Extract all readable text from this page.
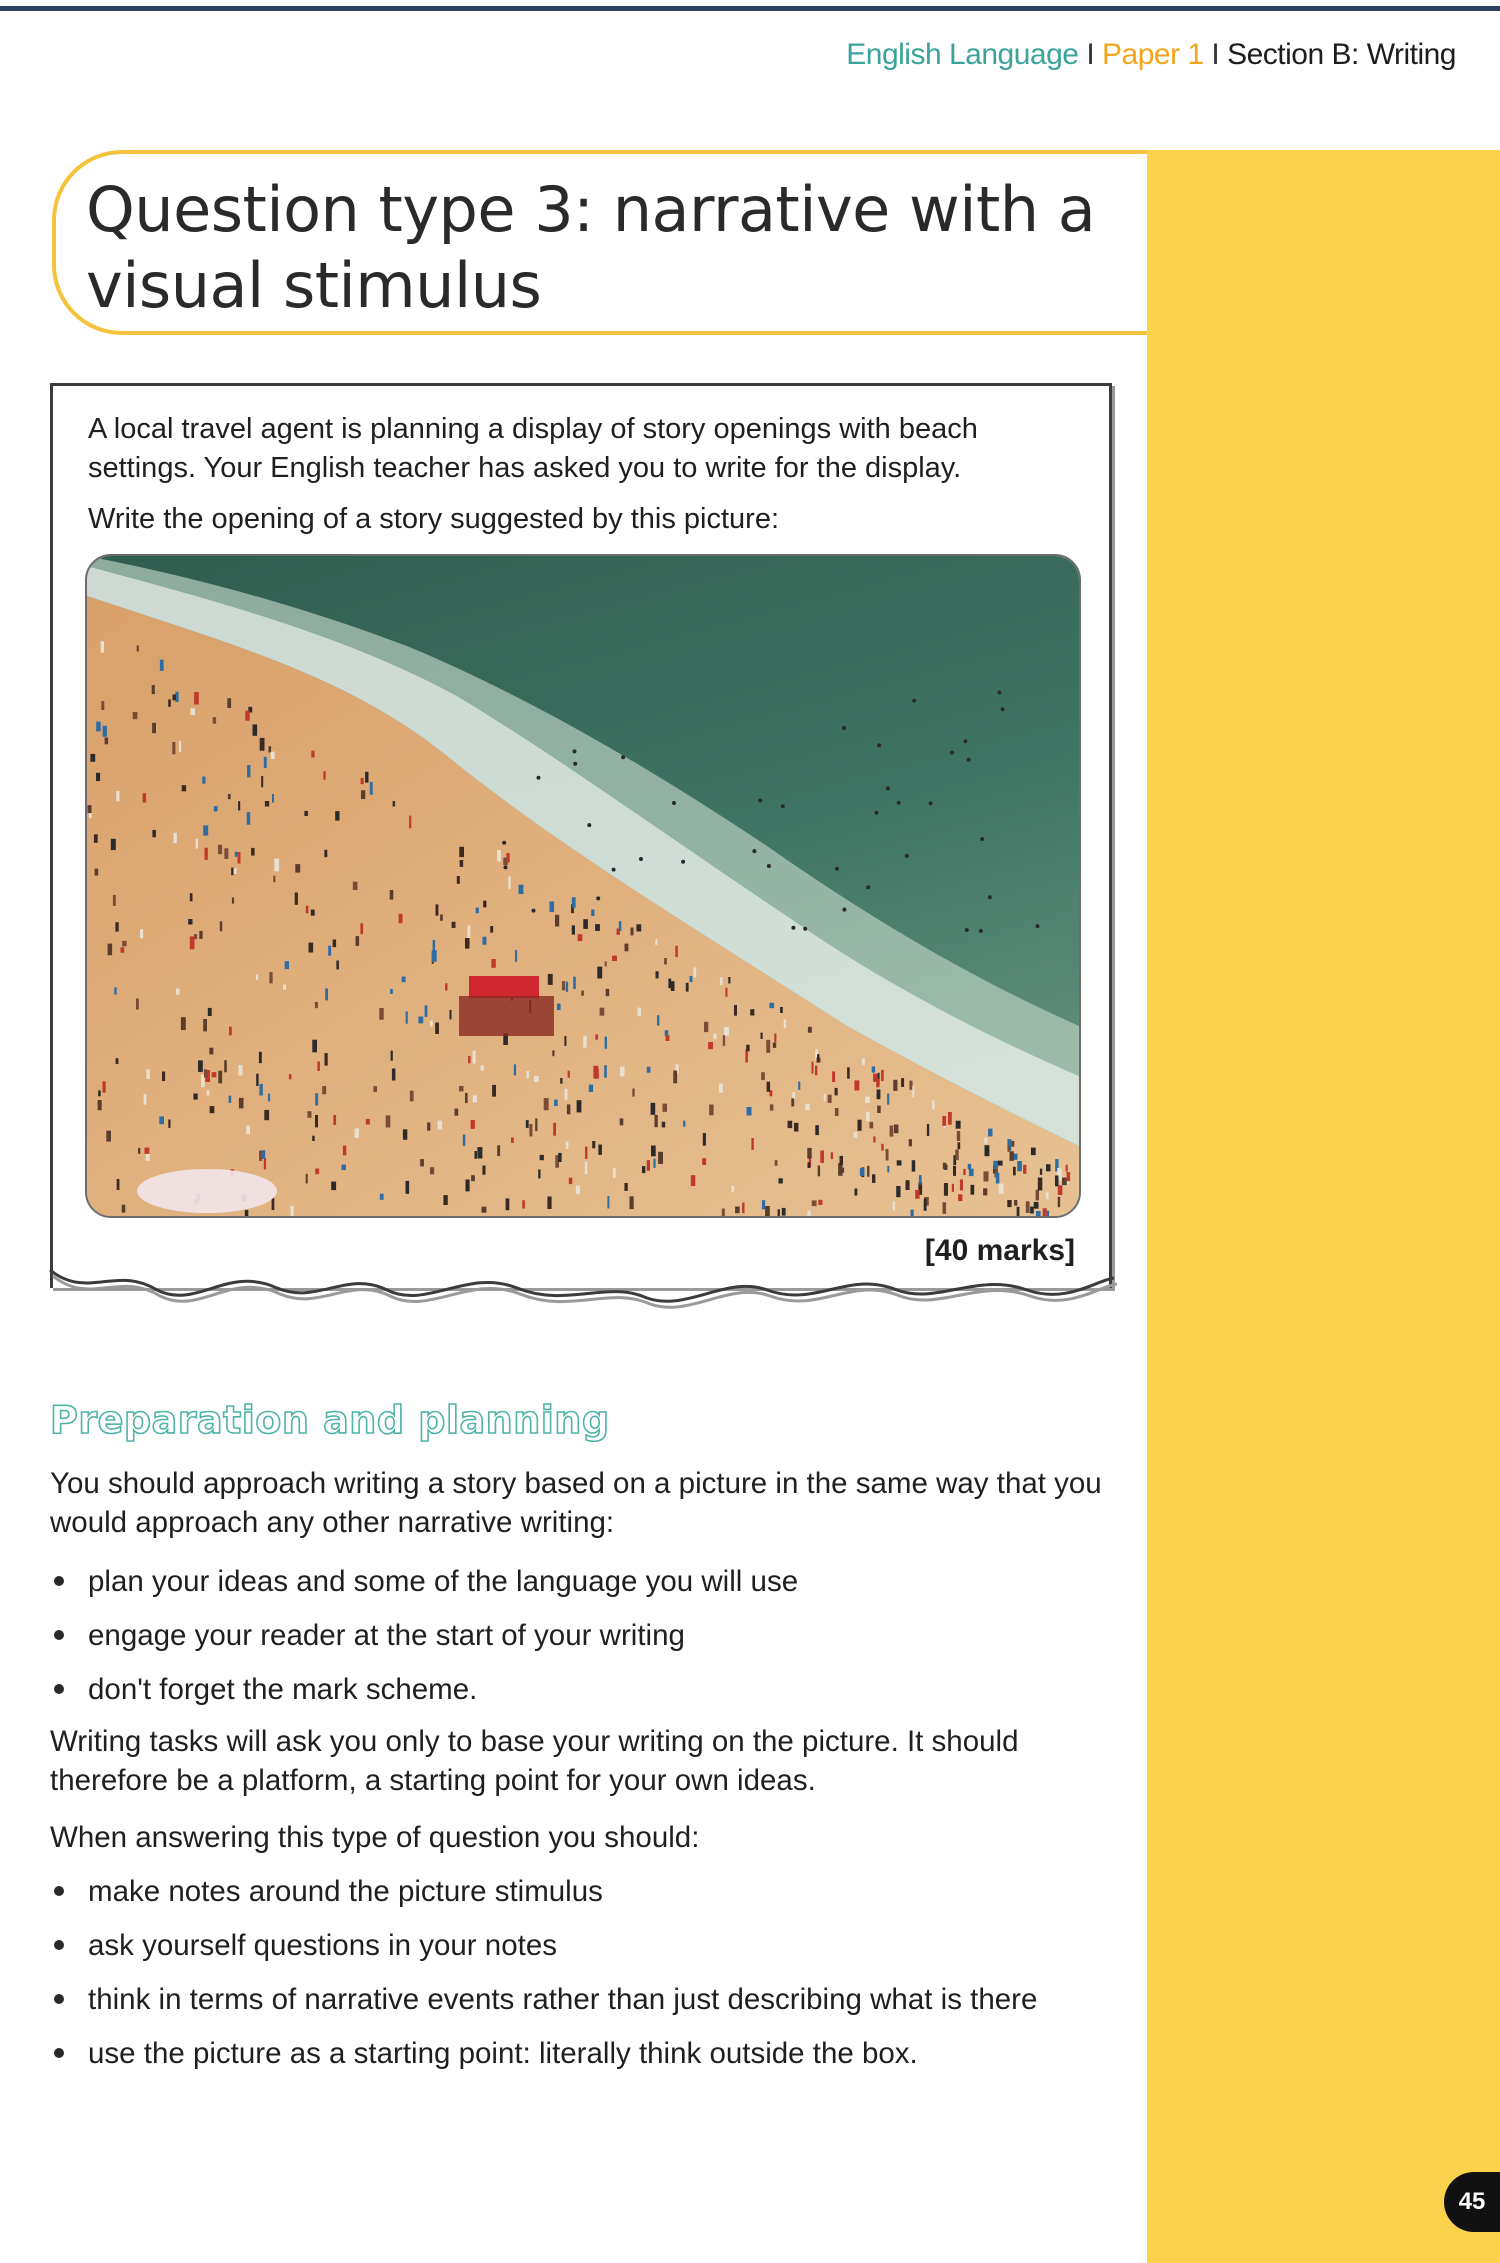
English Language I Paper 1 I Section B: Writing
Question type 3: narrative with a visual stimulus

A local travel agent is planning a display of story openings with beach settings. Your English teacher has asked you to write for the display.

Write the opening of a story suggested by this picture:

[40 marks]
Preparation and planning

You should approach writing a story based on a picture in the same way that you would approach any other narrative writing:

plan your ideas and some of the language you will use
engage your reader at the start of your writing
don't forget the mark scheme.

Writing tasks will ask you only to base your writing on the picture. It should therefore be a platform, a starting point for your own ideas.

When answering this type of question you should:

make notes around the picture stimulus
ask yourself questions in your notes
think in terms of narrative events rather than just describing what is there
use the picture as a starting point: literally think outside the box.
45
